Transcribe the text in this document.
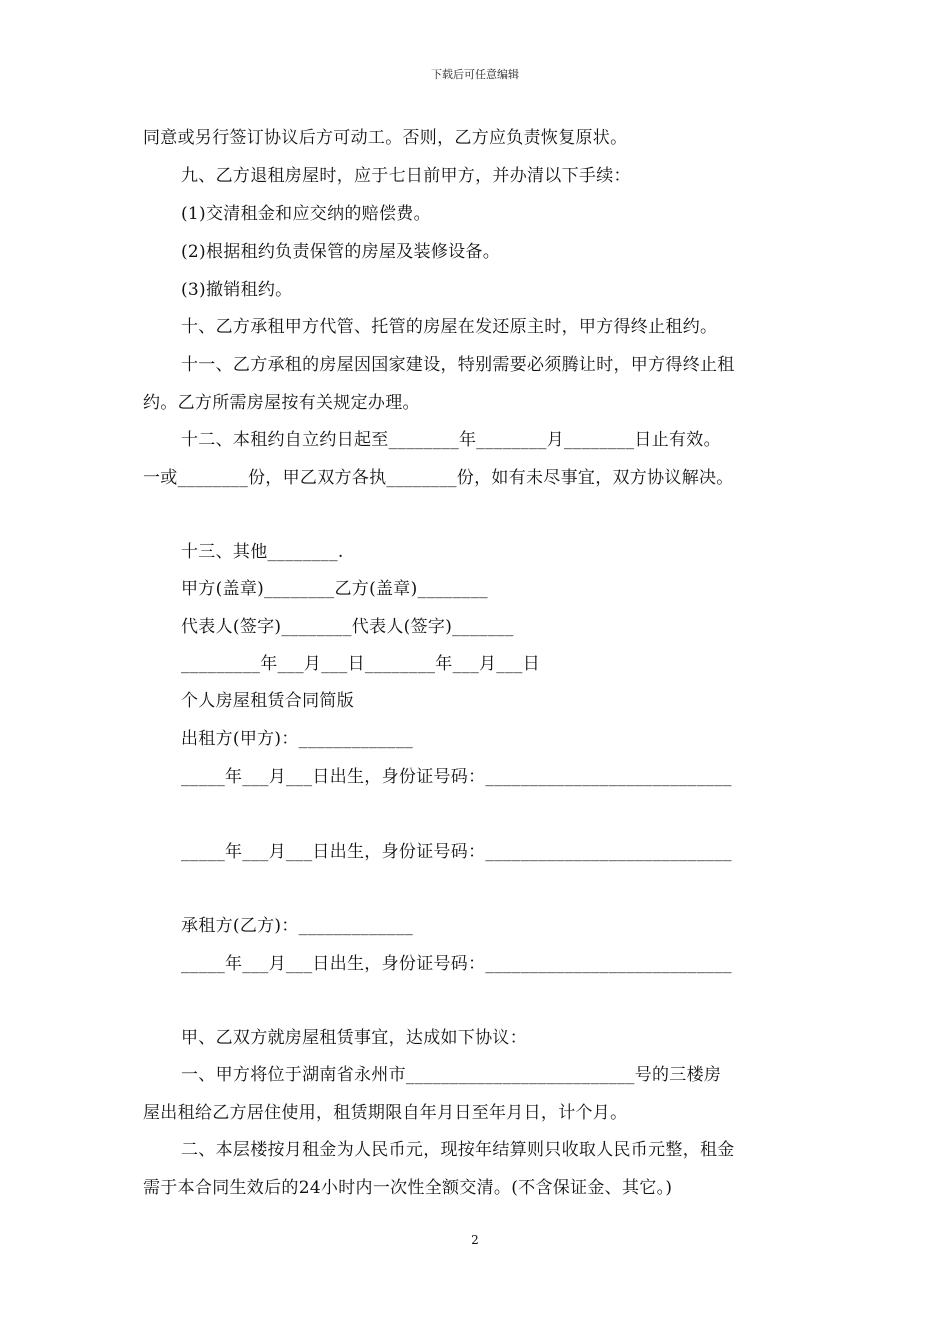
下载后可任意编辑
同意或另行签订协议后方可动工。否则，乙方应负责恢复原状。
九、乙方退租房屋时，应于七日前甲方，并办清以下手续：
(1)交清租金和应交纳的赔偿费。
(2)根据租约负责保管的房屋及装修设备。
(3)撤销租约。
十、乙方承租甲方代管、托管的房屋在发还原主时，甲方得终止租约。
十一、乙方承租的房屋因国家建设，特别需要必须腾让时，甲方得终止租
约。乙方所需房屋按有关规定办理。
十二、本租约自立约日起至________年________月________日止有效。
一或________份，甲乙双方各执________份，如有未尽事宜，双方协议解决。
十三、其他________.
甲方(盖章)________乙方(盖章)________
代表人(签字)________代表人(签字)_______
_________年___月___日________年___月___日
个人房屋租赁合同简版
出租方(甲方)：_____________
_____年___月___日出生，身份证号码：____________________________
_____年___月___日出生，身份证号码：____________________________
承租方(乙方)：_____________
_____年___月___日出生，身份证号码：____________________________
甲、乙双方就房屋租赁事宜，达成如下协议：
一、甲方将位于湖南省永州市__________________________号的三楼房
屋出租给乙方居住使用，租赁期限自年月日至年月日，计个月。
二、本层楼按月租金为人民币元，现按年结算则只收取人民币元整，租金
需于本合同生效后的24小时内一次性全额交清。(不含保证金、其它。)
2
